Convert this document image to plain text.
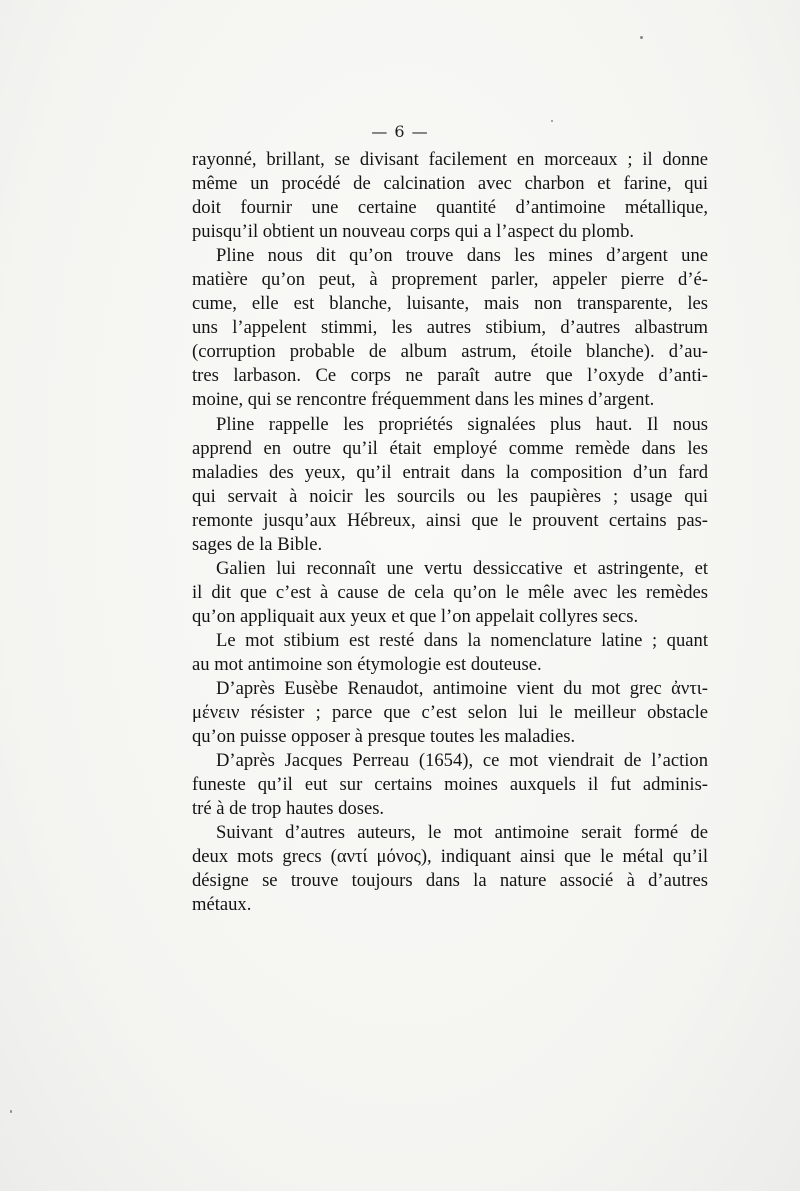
— 6 —
rayonné, brillant, se divisant facilement en morceaux ; il donne
même un procédé de calcination avec charbon et farine, qui
doit fournir une certaine quantité d’antimoine métallique,
puisqu’il obtient un nouveau corps qui a l’aspect du plomb.
Pline nous dit qu’on trouve dans les mines d’argent une
matière qu’on peut, à proprement parler, appeler pierre d’é-
cume, elle est blanche, luisante, mais non transparente, les
uns l’appelent stimmi, les autres stibium, d’autres albastrum
(corruption probable de album astrum, étoile blanche). d’au-
tres larbason. Ce corps ne paraît autre que l’oxyde d’anti-
moine, qui se rencontre fréquemment dans les mines d’argent.
Pline rappelle les propriétés signalées plus haut. Il nous
apprend en outre qu’il était employé comme remède dans les
maladies des yeux, qu’il entrait dans la composition d’un fard
qui servait à noicir les sourcils ou les paupières ; usage qui
remonte jusqu’aux Hébreux, ainsi que le prouvent certains pas-
sages de la Bible.
Galien lui reconnaît une vertu dessiccative et astringente, et
il dit que c’est à cause de cela qu’on le mêle avec les remèdes
qu’on appliquait aux yeux et que l’on appelait collyres secs.
Le mot stibium est resté dans la nomenclature latine ; quant
au mot antimoine son étymologie est douteuse.
D’après Eusèbe Renaudot, antimoine vient du mot grec ἀντι-
μένειν résister ; parce que c’est selon lui le meilleur obstacle
qu’on puisse opposer à presque toutes les maladies.
D’après Jacques Perreau (1654), ce mot viendrait de l’action
funeste qu’il eut sur certains moines auxquels il fut adminis-
tré à de trop hautes doses.
Suivant d’autres auteurs, le mot antimoine serait formé de
deux mots grecs (αντί μόνος), indiquant ainsi que le métal qu’il
désigne se trouve toujours dans la nature associé à d’autres
métaux.
